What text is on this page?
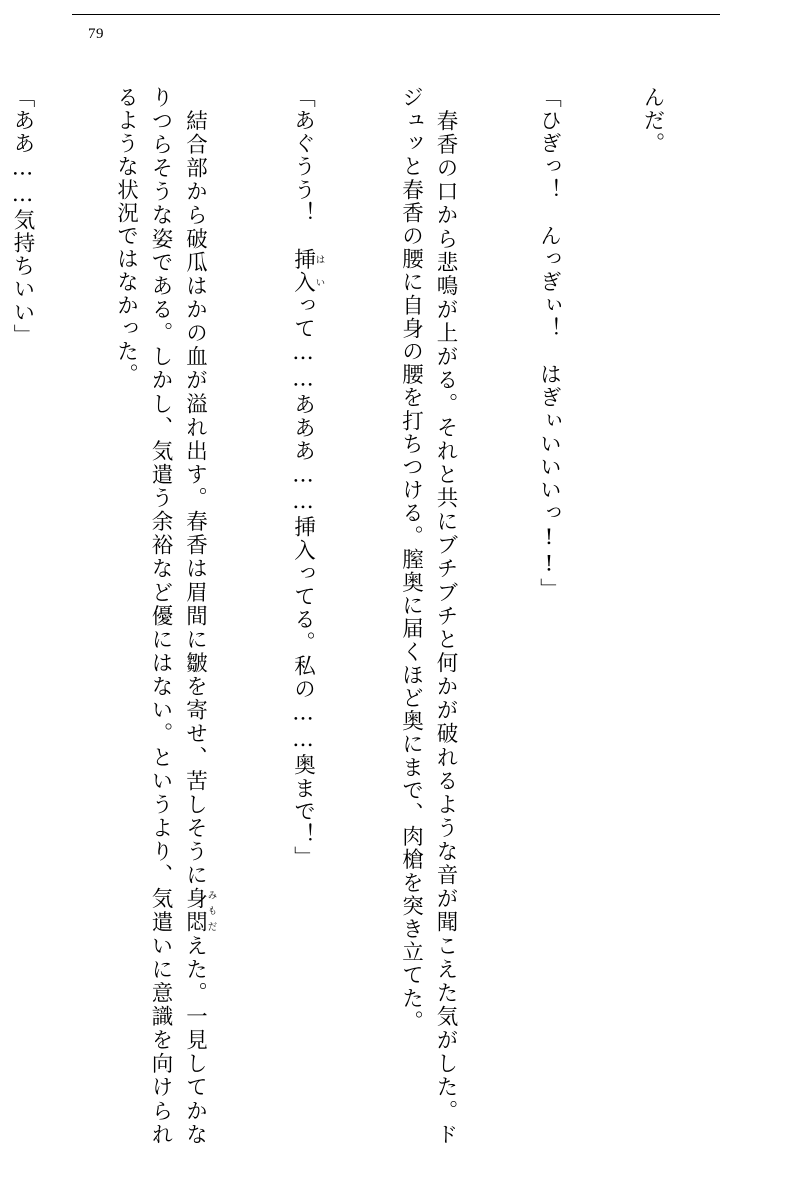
79

んだ。

「ひぎっ！　んっぎぃ！　はぎぃいいいっ!!」

　春香の口から悲鳴が上がる。それと共にブチブチと何かが破れるような音が聞こえた気がした。ドジュッと春香の腰に自身の腰を打ちつける。膣奥に届くほど奥にまで、肉槍を突き立てた。

「あぐうう！　挿入はいって……あああ……挿入ってる。私の……奥まで！」

　結合部から破瓜はかの血が溢れ出す。春香は眉間に皺を寄せ、苦しそうに身悶みもだえた。一見してかなりつらそうな姿である。しかし、気遣う余裕など優にはない。というより、気遣いに意識を向けられるような状況ではなかった。

「ああ……気持ちいい」
